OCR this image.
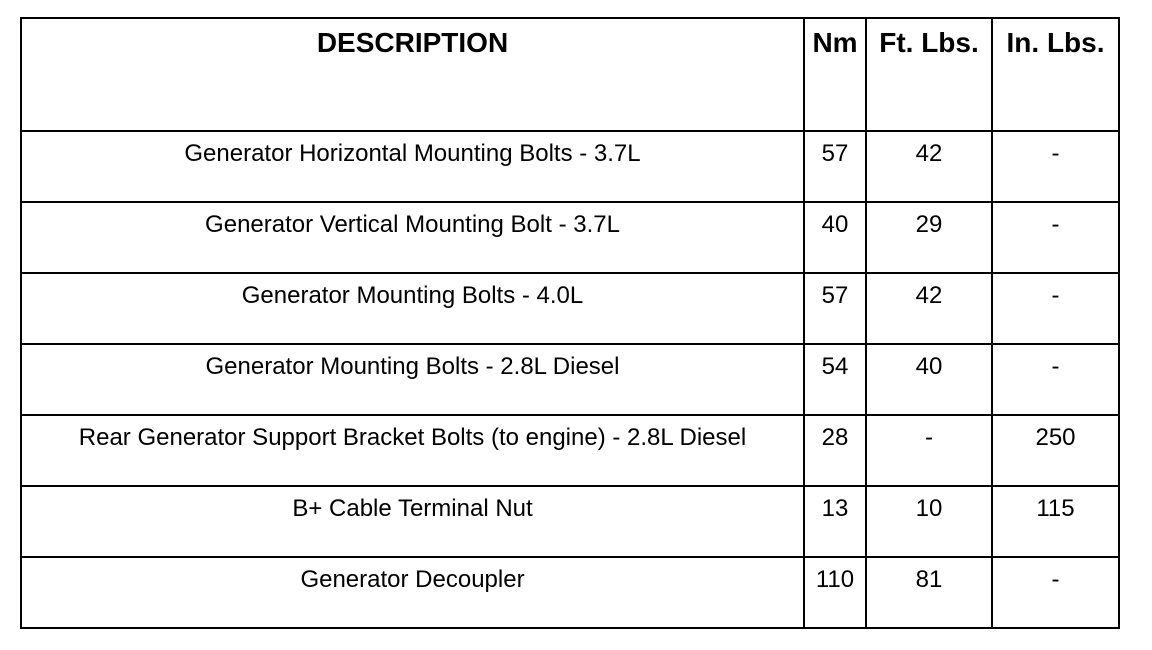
DESCRIPTION	Nm	Ft. Lbs.	In. Lbs.
Generator Horizontal Mounting Bolts - 3.7L	57	42	-
Generator Vertical Mounting Bolt - 3.7L	40	29	-
Generator Mounting Bolts - 4.0L	57	42	-
Generator Mounting Bolts - 2.8L Diesel	54	40	-
Rear Generator Support Bracket Bolts (to engine) - 2.8L Diesel	28	-	250
B+ Cable Terminal Nut	13	10	115
Generator Decoupler	110	81	-
